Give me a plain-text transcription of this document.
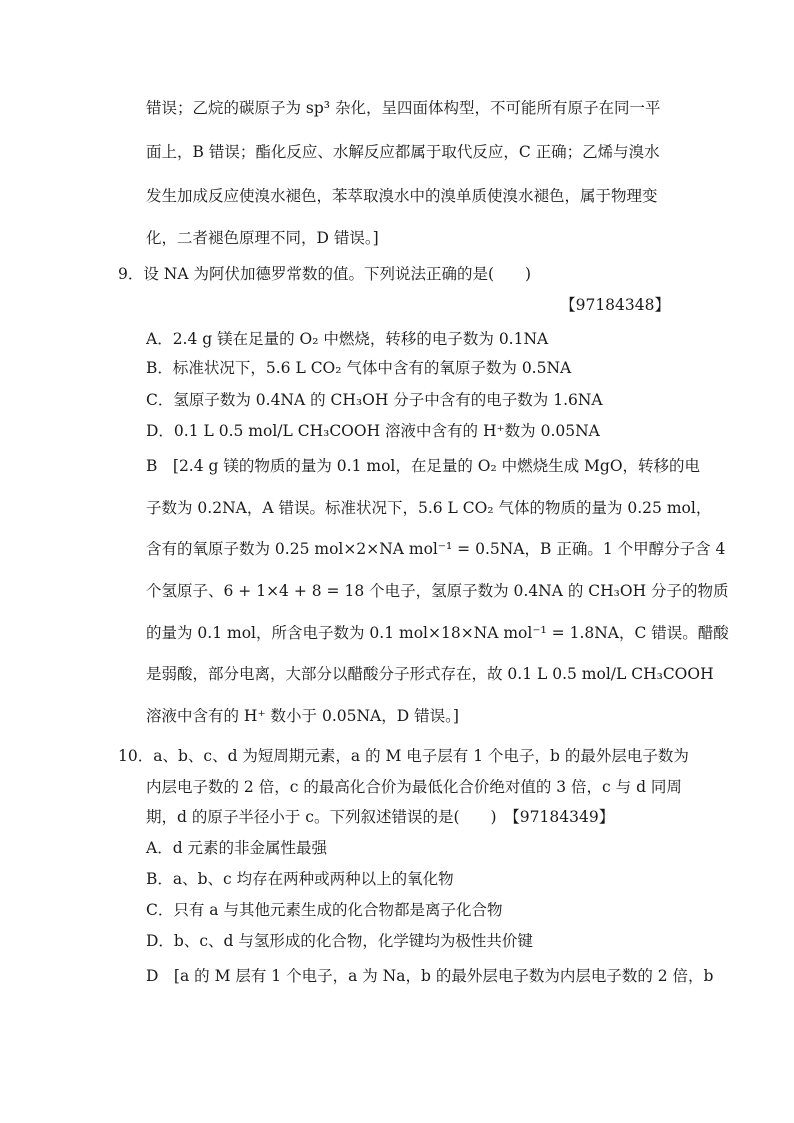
错误；乙烷的碳原子为 sp³ 杂化，呈四面体构型，不可能所有原子在同一平
面上，B 错误；酯化反应、水解反应都属于取代反应，C 正确；乙烯与溴水
发生加成反应使溴水褪色，苯萃取溴水中的溴单质使溴水褪色，属于物理变
化，二者褪色原理不同，D 错误。]
9．设 NA 为阿伏加德罗常数的值。下列说法正确的是(　　)
【97184348】
A．2.4 g 镁在足量的 O₂ 中燃烧，转移的电子数为 0.1NA
B．标准状况下，5.6 L CO₂ 气体中含有的氧原子数为 0.5NA
C．氢原子数为 0.4NA 的 CH₃OH 分子中含有的电子数为 1.6NA
D．0.1 L 0.5 mol/L CH₃COOH 溶液中含有的 H⁺数为 0.05NA
B　[2.4 g 镁的物质的量为 0.1 mol，在足量的 O₂ 中燃烧生成 MgO，转移的电
子数为 0.2NA，A 错误。标准状况下，5.6 L CO₂ 气体的物质的量为 0.25 mol，
含有的氧原子数为 0.25 mol×2×NA mol⁻¹ = 0.5NA，B 正确。1 个甲醇分子含 4
个氢原子、6 + 1×4 + 8 = 18 个电子，氢原子数为 0.4NA 的 CH₃OH 分子的物质
的量为 0.1 mol，所含电子数为 0.1 mol×18×NA mol⁻¹ = 1.8NA，C 错误。醋酸
是弱酸，部分电离，大部分以醋酸分子形式存在，故 0.1 L 0.5 mol/L CH₃COOH
溶液中含有的 H⁺ 数小于 0.05NA，D 错误。]
10．a、b、c、d 为短周期元素，a 的 M 电子层有 1 个电子，b 的最外层电子数为
内层电子数的 2 倍，c 的最高化合价为最低化合价绝对值的 3 倍，c 与 d 同周
期，d 的原子半径小于 c。下列叙述错误的是(　　)　【97184349】
A．d 元素的非金属性最强
B．a、b、c 均存在两种或两种以上的氧化物
C．只有 a 与其他元素生成的化合物都是离子化合物
D．b、c、d 与氢形成的化合物，化学键均为极性共价键
D　[a 的 M 层有 1 个电子，a 为 Na，b 的最外层电子数为内层电子数的 2 倍，b
